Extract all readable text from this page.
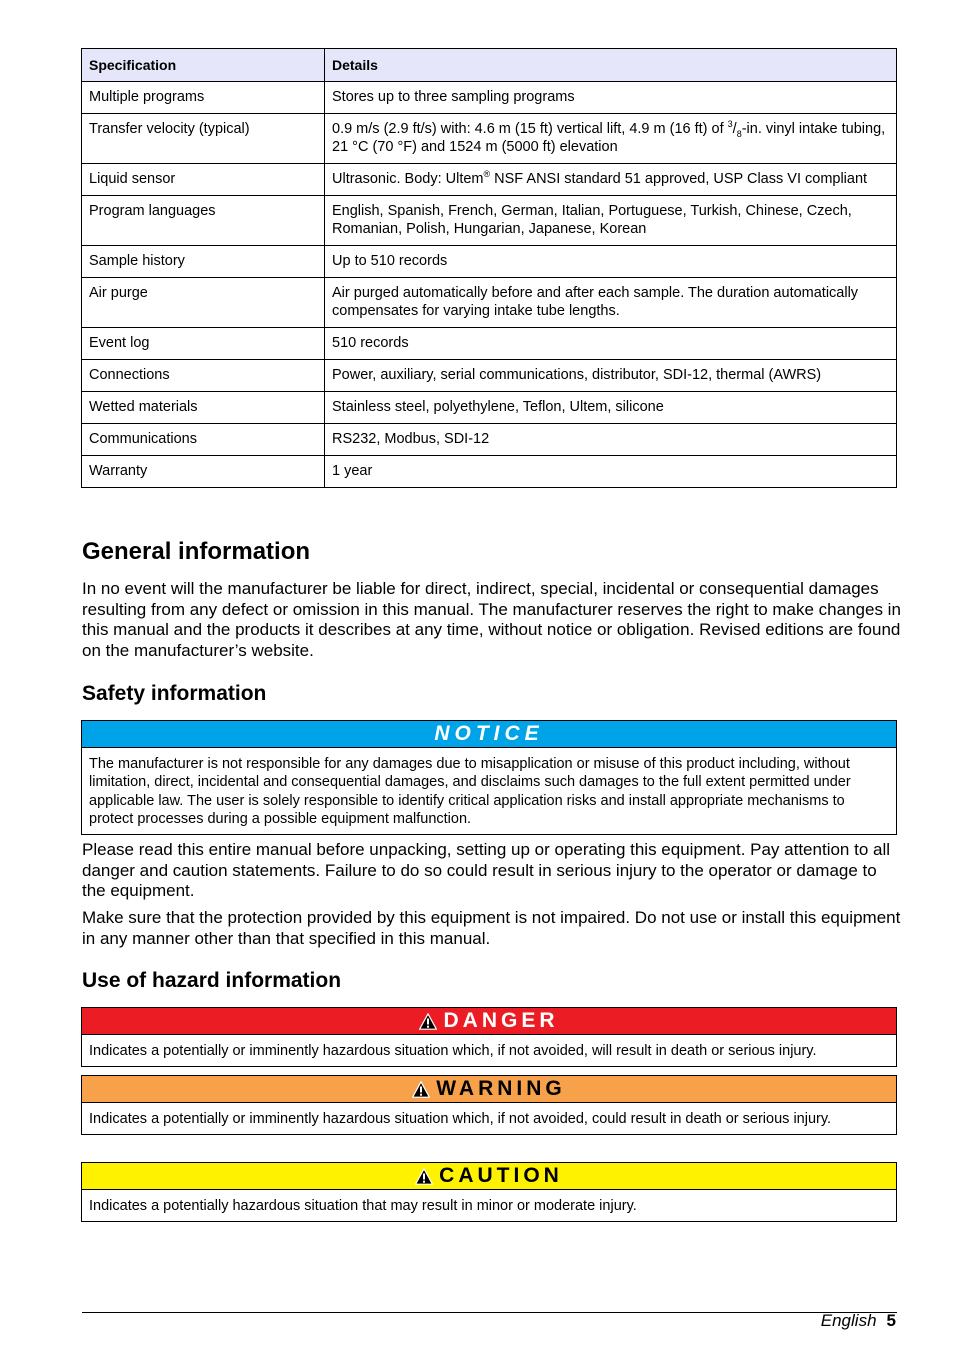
Specification	Details
Multiple programs	Stores up to three sampling programs
Transfer velocity (typical)	0.9 m/s (2.9 ft/s) with: 4.6 m (15 ft) vertical lift, 4.9 m (16 ft) of $^3/_8-in$. vinyl intake tubing, 21 °C (70 °F) and 1524 m (5000 ft) elevation
Liquid sensor	Ultrasonic. Body: Ultem® NSF ANSI standard 51 approved, USP Class VI compliant
Program languages	English, Spanish, French, German, Italian, Portuguese, Turkish, Chinese, Czech, Romanian, Polish, Hungarian, Japanese, Korean
Sample history	Up to 510 records
Air purge	Air purged automatically before and after each sample. The duration automatically compensates for varying intake tube lengths.
Event log	510 records
Connections	Power, auxiliary, serial communications, distributor, SDI-12, thermal (AWRS)
Wetted materials	Stainless steel, polyethylene, Teflon, Ultem, silicone
Communications	RS232, Modbus, SDI-12
Warranty	1 year
General information

In no event will the manufacturer be liable for direct, indirect, special, incidental or consequential damages resulting from any defect or omission in this manual. The manufacturer reserves the right to make changes in this manual and the products it describes at any time, without notice or obligation. Revised editions are found on the manufacturer’s website.

Safety information
NOTICE
The manufacturer is not responsible for any damages due to misapplication or misuse of this product including, without limitation, direct, incidental and consequential damages, and disclaims such damages to the full extent permitted under applicable law. The user is solely responsible to identify critical application risks and install appropriate mechanisms to protect processes during a possible equipment malfunction.

Please read this entire manual before unpacking, setting up or operating this equipment. Pay attention to all danger and caution statements. Failure to do so could result in serious injury to the operator or damage to the equipment.

Make sure that the protection provided by this equipment is not impaired. Do not use or install this equipment in any manner other than that specified in this manual.

Use of hazard information
DANGER
Indicates a potentially or imminently hazardous situation which, if not avoided, will result in death or serious injury.
WARNING
Indicates a potentially or imminently hazardous situation which, if not avoided, could result in death or serious injury.
CAUTION
Indicates a potentially hazardous situation that may result in minor or moderate injury.
English 5
